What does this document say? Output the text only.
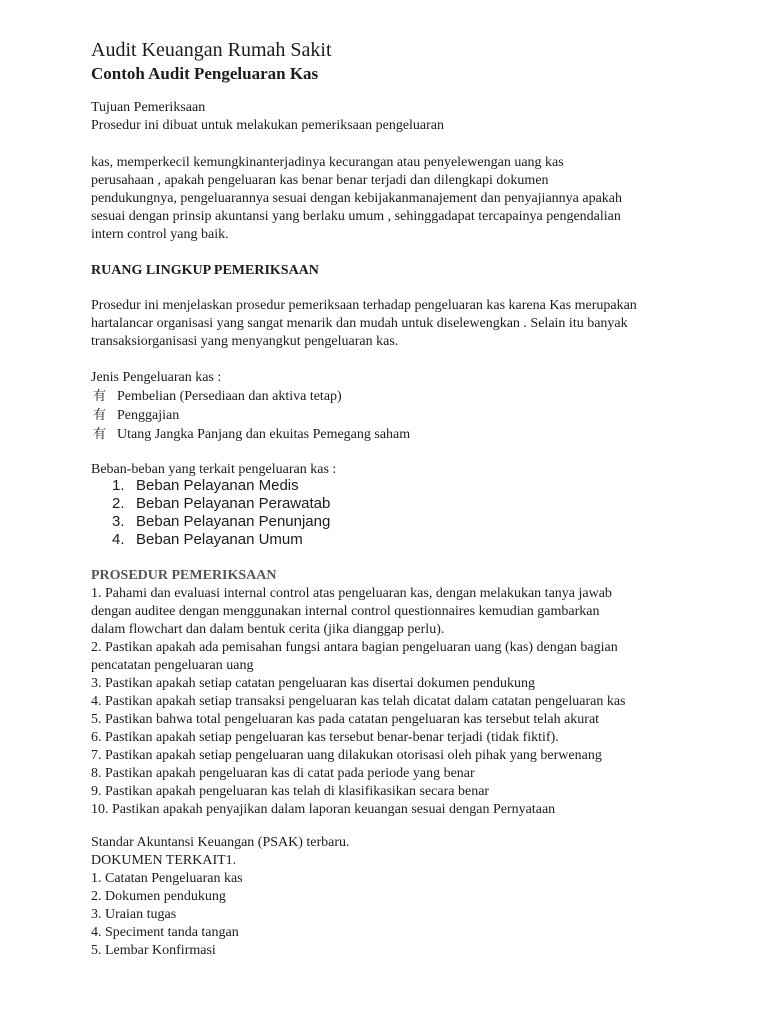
Audit Keuangan Rumah Sakit
Contoh Audit Pengeluaran Kas
Tujuan Pemeriksaan
Prosedur ini dibuat untuk melakukan pemeriksaan pengeluaran
kas, memperkecil kemungkinanterjadinya kecurangan atau penyelewengan uang kas
perusahaan , apakah pengeluaran kas benar benar terjadi dan dilengkapi dokumen
pendukungnya, pengeluarannya sesuai dengan kebijakanmanajement dan penyajiannya apakah
sesuai dengan prinsip akuntansi yang berlaku umum , sehinggadapat tercapainya pengendalian
intern control yang baik.
RUANG LINGKUP PEMERIKSAAN
Prosedur ini menjelaskan prosedur pemeriksaan terhadap pengeluaran kas karena Kas merupakan
hartalancar organisasi yang sangat menarik dan mudah untuk diselewengkan . Selain itu banyak
transaksiorganisasi yang menyangkut pengeluaran kas.
Jenis Pengeluaran kas :
有 Pembelian (Persediaan dan aktiva tetap)
有 Penggajian
有 Utang Jangka Panjang dan ekuitas Pemegang saham
Beban-beban yang terkait pengeluaran kas :
1. Beban Pelayanan Medis
2. Beban Pelayanan Perawatab
3. Beban Pelayanan Penunjang
4. Beban Pelayanan Umum
PROSEDUR PEMERIKSAAN
1. Pahami dan evaluasi internal control atas pengeluaran kas, dengan melakukan tanya jawab
dengan auditee dengan menggunakan internal control questionnaires kemudian gambarkan
dalam flowchart dan dalam bentuk cerita (jika dianggap perlu).
2. Pastikan apakah ada pemisahan fungsi antara bagian pengeluaran uang (kas) dengan bagian
pencatatan pengeluaran uang
3. Pastikan apakah setiap catatan pengeluaran kas disertai dokumen pendukung
4. Pastikan apakah setiap transaksi pengeluaran kas telah dicatat dalam catatan pengeluaran kas
5. Pastikan bahwa total pengeluaran kas pada catatan pengeluaran kas tersebut telah akurat
6. Pastikan apakah setiap pengeluaran kas tersebut benar-benar terjadi (tidak fiktif).
7. Pastikan apakah setiap pengeluaran uang dilakukan otorisasi oleh pihak yang berwenang
8. Pastikan apakah pengeluaran kas di catat pada periode yang benar
9. Pastikan apakah pengeluaran kas telah di klasifikasikan secara benar
10. Pastikan apakah penyajikan dalam laporan keuangan sesuai dengan Pernyataan
Standar Akuntansi Keuangan (PSAK) terbaru.
DOKUMEN TERKAIT1.
1. Catatan Pengeluaran kas
2. Dokumen pendukung
3. Uraian tugas
4. Speciment tanda tangan
5. Lembar Konfirmasi
